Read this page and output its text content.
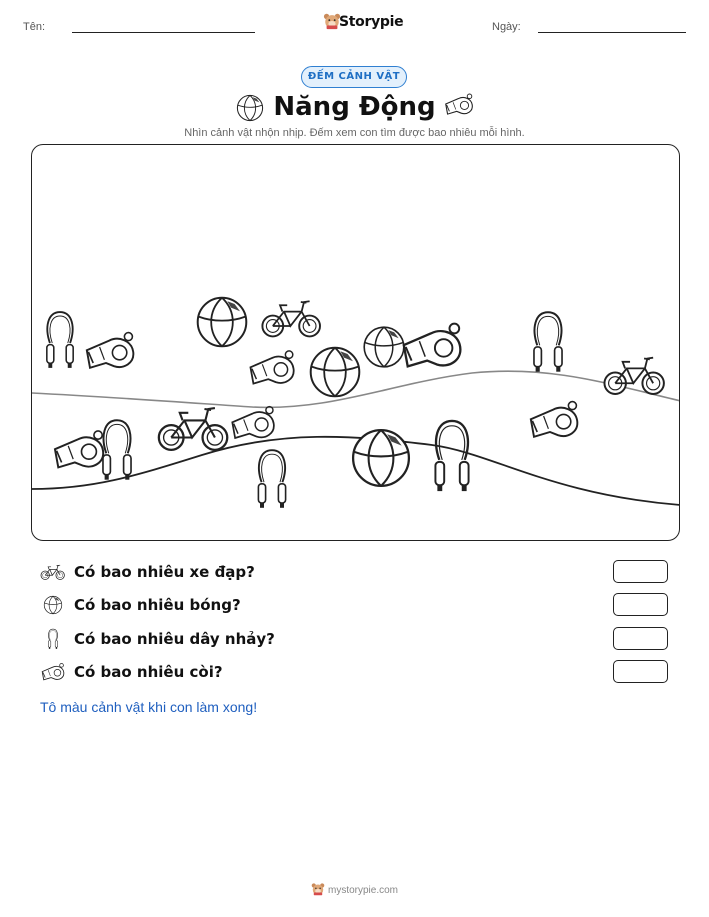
Tên:	Storypie	Ngày:
ĐẾM CẢNH VẬT
Năng Động
Nhìn cảnh vật nhộn nhịp. Đếm xem con tìm được bao nhiêu mỗi hình.
Có bao nhiêu xe đạp?
Có bao nhiêu bóng?
Có bao nhiêu dây nhảy?
Có bao nhiêu còi?
Tô màu cảnh vật khi con làm xong!
mystorypie.com
